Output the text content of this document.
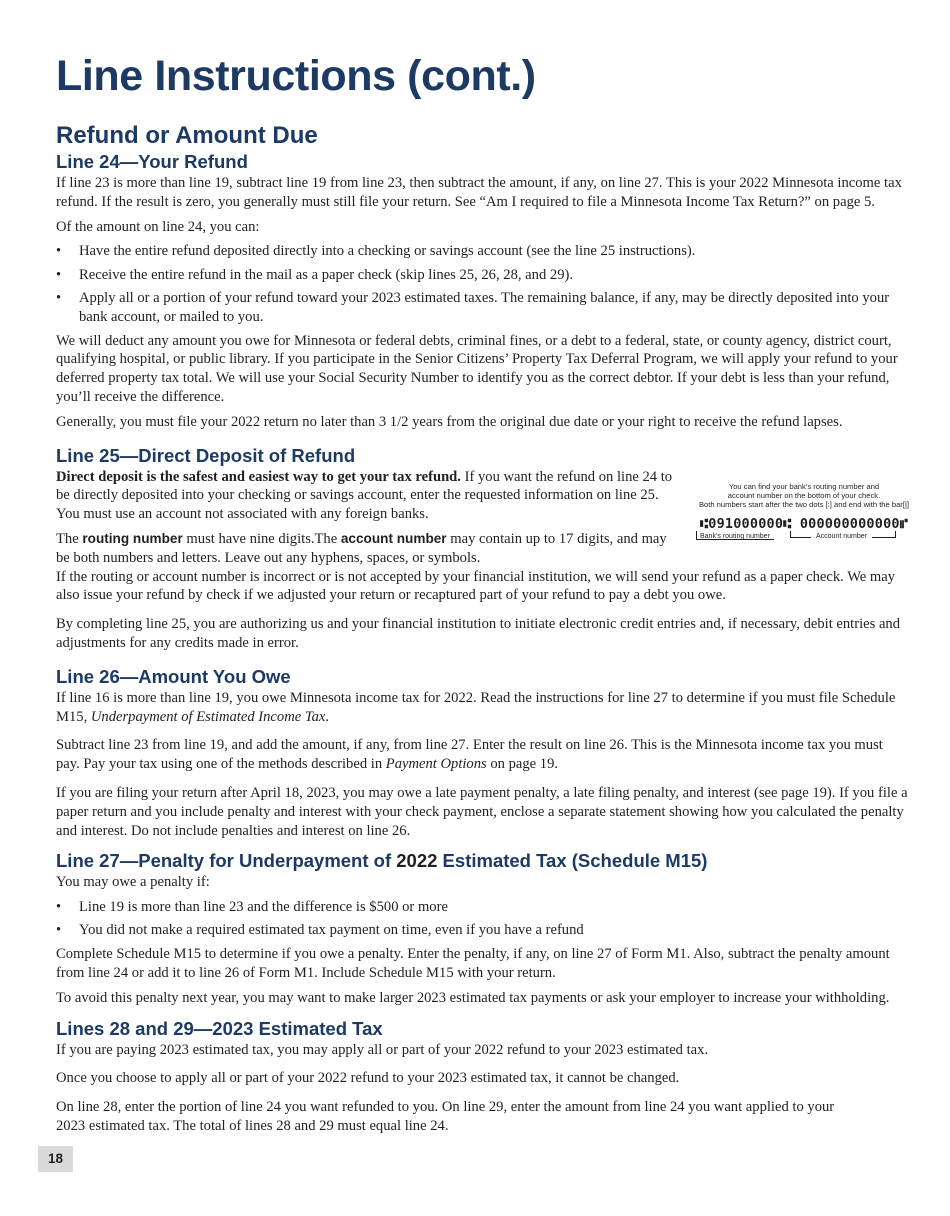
Line Instructions (cont.)
Refund or Amount Due
Line 24—Your Refund

If line 23 is more than line 19, subtract line 19 from line 23, then subtract the amount, if any, on line 27. This is your 2022 Minnesota income tax refund. If the result is zero, you generally must still file your return. See “Am I required to file a Minnesota Income Tax Return?” on page 5.

Of the amount on line 24, you can:

• Have the entire refund deposited directly into a checking or savings account (see the line 25 instructions).
• Receive the entire refund in the mail as a paper check (skip lines 25, 26, 28, and 29).
• Apply all or a portion of your refund toward your 2023 estimated taxes. The remaining balance, if any, may be directly deposited into your bank account, or mailed to you.

We will deduct any amount you owe for Minnesota or federal debts, criminal fines, or a debt to a federal, state, or county agency, district court, qualifying hospital, or public library. If you participate in the Senior Citizens’ Property Tax Deferral Program, we will apply your refund to your deferred property tax total. We will use your Social Security Number to identify you as the correct debtor. If your debt is less than your refund, you’ll receive the difference.

Generally, you must file your 2022 return no later than 3 1/2 years from the original due date or your right to receive the refund lapses.

Line 25—Direct Deposit of Refund
You can find your bank’s routing number and
account number on the bottom of your check.
Both numbers start after the two dots [:] and end with the bar[|]
⑆091000000⑆ 000000000000⑈
Bank’s routing number	Account number

Direct deposit is the safest and easiest way to get your tax refund. If you want the refund on line 24 to be directly deposited into your checking or savings account, enter the requested information on line 25. You must use an account not associated with any foreign banks.

The routing number must have nine digits.The account number may contain up to 17 digits, and may be both numbers and letters. Leave out any hyphens, spaces, or symbols.

If the routing or account number is incorrect or is not accepted by your financial institution, we will send your refund as a paper check. We may also issue your refund by check if we adjusted your return or recaptured part of your refund to pay a debt you owe.

By completing line 25, you are authorizing us and your financial institution to initiate electronic credit entries and, if necessary, debit entries and adjustments for any credits made in error.

Line 26—Amount You Owe

If line 16 is more than line 19, you owe Minnesota income tax for 2022. Read the instructions for line 27 to determine if you must file Schedule M15, Underpayment of Estimated Income Tax.

Subtract line 23 from line 19, and add the amount, if any, from line 27. Enter the result on line 26. This is the Minnesota income tax you must pay. Pay your tax using one of the methods described in Payment Options on page 19.

If you are filing your return after April 18, 2023, you may owe a late payment penalty, a late filing penalty, and interest (see page 19). If you file a paper return and you include penalty and interest with your check payment, enclose a separate statement showing how you calculated the penalty and interest. Do not include penalties and interest on line 26.

Line 27—Penalty for Underpayment of 2022 Estimated Tax (Schedule M15)

You may owe a penalty if:

• Line 19 is more than line 23 and the difference is $500 or more
• You did not make a required estimated tax payment on time, even if you have a refund

Complete Schedule M15 to determine if you owe a penalty. Enter the penalty, if any, on line 27 of Form M1. Also, subtract the penalty amount from line 24 or add it to line 26 of Form M1. Include Schedule M15 with your return.

To avoid this penalty next year, you may want to make larger 2023 estimated tax payments or ask your employer to increase your withholding.

Lines 28 and 29—2023 Estimated Tax

If you are paying 2023 estimated tax, you may apply all or part of your 2022 refund to your 2023 estimated tax.

Once you choose to apply all or part of your 2022 refund to your 2023 estimated tax, it cannot be changed.

On line 28, enter the portion of line 24 you want refunded to you. On line 29, enter the amount from line 24 you want applied to your 2023 estimated tax. The total of lines 28 and 29 must equal line 24.

18
